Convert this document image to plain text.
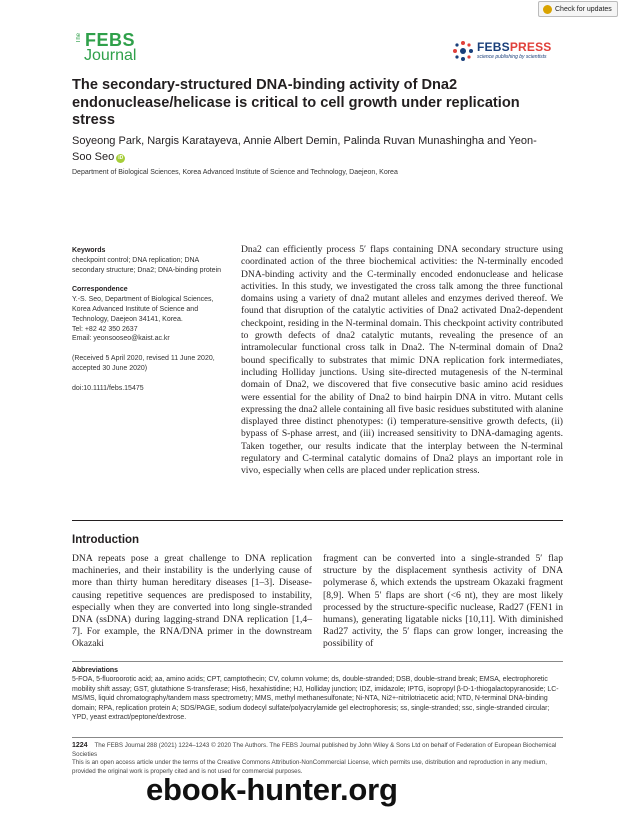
Check for updates
The FEBS
Journal	FEBSPRESS
science publishing by scientists
The secondary-structured DNA-binding activity of Dna2 endonuclease/helicase is critical to cell growth under replication stress
Soyeong Park, Nargis Karatayeva, Annie Albert Demin, Palinda Ruvan Munashingha and Yeon-Soo Seo iD
Department of Biological Sciences, Korea Advanced Institute of Science and Technology, Daejeon, Korea
Keywords
checkpoint control; DNA replication; DNA secondary structure; Dna2; DNA-binding protein
Correspondence
Y.-S. Seo, Department of Biological Sciences, Korea Advanced Institute of Science and Technology, Daejeon 34141, Korea.
Tel: +82 42 350 2637
Email: yeonsooseo@kaist.ac.kr
(Received 5 April 2020, revised 11 June 2020, accepted 30 June 2020)
doi:10.1111/febs.15475
Dna2 can efficiently process 5′ flaps containing DNA secondary structure using coordinated action of the three biochemical activities: the N-terminally encoded DNA-binding activity and the C-terminally encoded endonuclease and helicase activities. In this study, we investigated the cross talk among the three functional domains using a variety of dna2 mutant alleles and enzymes derived thereof. We found that disruption of the catalytic activities of Dna2 activated Dna2-dependent checkpoint, residing in the N-terminal domain. This checkpoint activity contributed to growth defects of dna2 catalytic mutants, revealing the presence of an intramolecular functional cross talk in Dna2. The N-terminal domain of Dna2 bound specifically to substrates that mimic DNA replication fork intermediates, including Holliday junctions. Using site-directed mutagenesis of the N-terminal domain of Dna2, we discovered that five consecutive basic amino acid residues were essential for the ability of Dna2 to bind hairpin DNA in vitro. Mutant cells expressing the dna2 allele containing all five basic residues substituted with alanine displayed three distinct phenotypes: (i) temperature-sensitive growth defects, (ii) bypass of S-phase arrest, and (iii) increased sensitivity to DNA-damaging agents. Taken together, our results indicate that the interplay between the N-terminal regulatory and C-terminal catalytic domains of Dna2 plays an important role in vivo, especially when cells are placed under replication stress.
Introduction
DNA repeats pose a great challenge to DNA replication machineries, and their instability is the underlying cause of more than thirty human hereditary diseases [1–3]. Disease-causing repetitive sequences are predisposed to instability, especially when they are converted into long single-stranded DNA (ssDNA) during lagging-strand DNA replication [1,4–7]. For example, the RNA/DNA primer in the downstream Okazaki
fragment can be converted into a single-stranded 5′ flap structure by the displacement synthesis activity of DNA polymerase δ, which extends the upstream Okazaki fragment [8,9]. When 5′ flaps are short (<6 nt), they are most likely processed by the structure-specific nuclease, Rad27 (FEN1 in humans), generating ligatable nicks [10,11]. With diminished Rad27 activity, the 5′ flaps can grow longer, increasing the possibility of
Abbreviations
5-FOA, 5-fluoroorotic acid; aa, amino acids; CPT, camptothecin; CV, column volume; ds, double-stranded; DSB, double-strand break; EMSA, electrophoretic mobility shift assay; GST, glutathione S-transferase; His6, hexahistidine; HJ, Holliday junction; IDZ, imidazole; IPTG, isopropyl β-D-1-thiogalactopyranoside; LC-MS/MS, liquid chromatography/tandem mass spectrometry; MMS, methyl methanesulfonate; Ni-NTA, Ni2+-nitrilotriacetic acid; NTD, N-terminal DNA-binding domain; RPA, replication protein A; SDS/PAGE, sodium dodecyl sulfate/polyacrylamide gel electrophoresis; ss, single-stranded; ssc, single-stranded circular; YPD, yeast extract/peptone/dextrose.
1224 The FEBS Journal 288 (2021) 1224–1243 © 2020 The Authors. The FEBS Journal published by John Wiley & Sons Ltd on behalf of Federation of European Biochemical Societies
This is an open access article under the terms of the Creative Commons Attribution-NonCommercial License, which permits use, distribution and reproduction in any medium, provided the original work is properly cited and is not used for commercial purposes.
ebook-hunter.org
